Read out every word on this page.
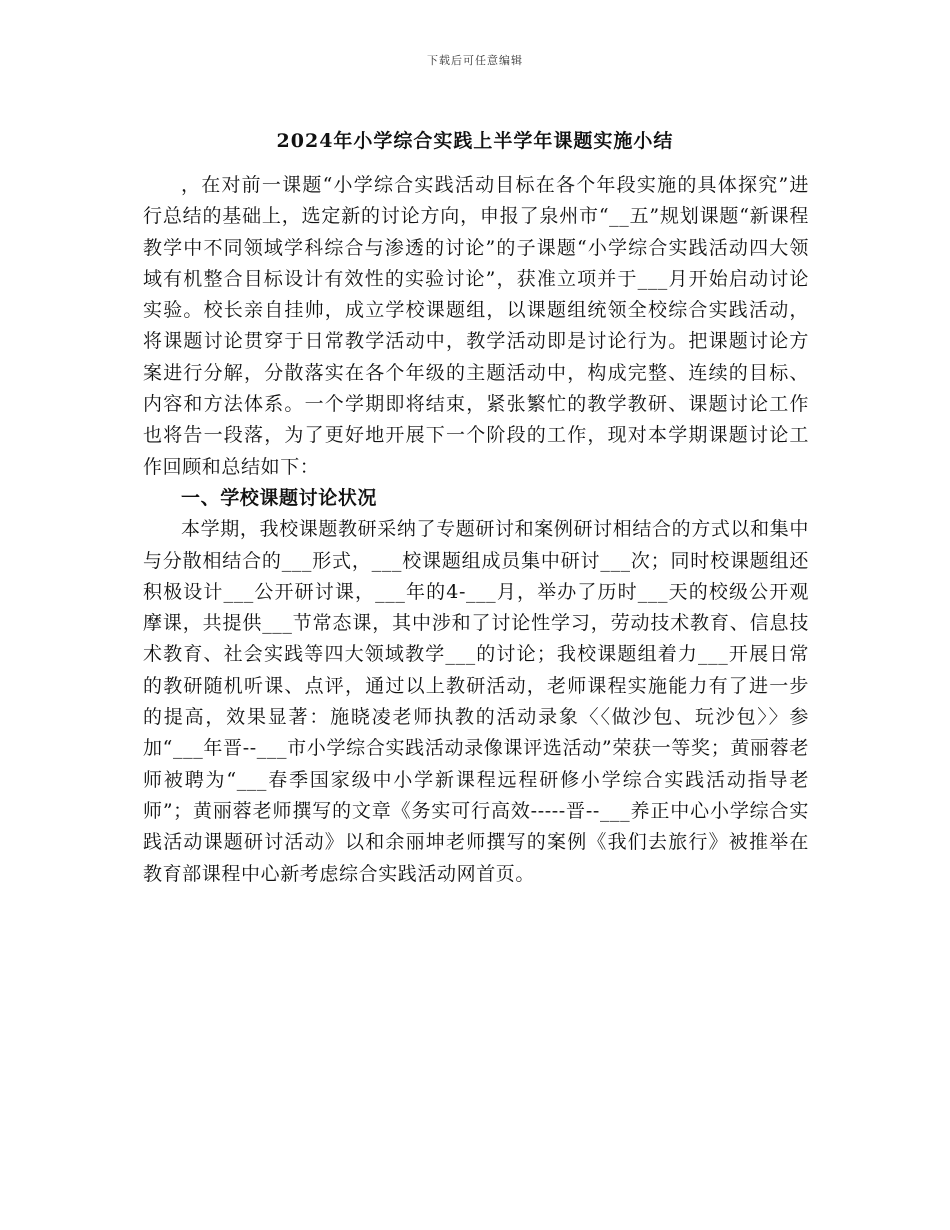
下载后可任意编辑
2024年小学综合实践上半学年课题实施小结

，在对前一课题“小学综合实践活动目标在各个年段实施的具体探究”进行总结的基础上，选定新的讨论方向，申报了泉州市“__五”规划课题“新课程教学中不同领域学科综合与渗透的讨论”的子课题“小学综合实践活动四大领域有机整合目标设计有效性的实验讨论”，获准立项并于___月开始启动讨论实验。校长亲自挂帅，成立学校课题组，以课题组统领全校综合实践活动，将课题讨论贯穿于日常教学活动中，教学活动即是讨论行为。把课题讨论方案进行分解，分散落实在各个年级的主题活动中，构成完整、连续的目标、内容和方法体系。一个学期即将结束，紧张繁忙的教学教研、课题讨论工作也将告一段落，为了更好地开展下一个阶段的工作，现对本学期课题讨论工作回顾和总结如下：

一、学校课题讨论状况

本学期，我校课题教研采纳了专题研讨和案例研讨相结合的方式以和集中与分散相结合的___形式，___校课题组成员集中研讨___次；同时校课题组还积极设计___公开研讨课，___年的4-___月，举办了历时___天的校级公开观摩课，共提供___节常态课，其中涉和了讨论性学习，劳动技术教育、信息技术教育、社会实践等四大领域教学___的讨论；我校课题组着力___开展日常的教研随机听课、点评，通过以上教研活动，老师课程实施能力有了进一步的提高，效果显著：施晓凌老师执教的活动录象〈〈做沙包、玩沙包〉〉参加“___年晋--___市小学综合实践活动录像课评选活动”荣获一等奖；黄丽蓉老师被聘为“___春季国家级中小学新课程远程研修小学综合实践活动指导老师”；黄丽蓉老师撰写的文章《务实可行高效-----晋--___养正中心小学综合实践活动课题研讨活动》以和余丽坤老师撰写的案例《我们去旅行》被推举在教育部课程中心新考虑综合实践活动网首页。
